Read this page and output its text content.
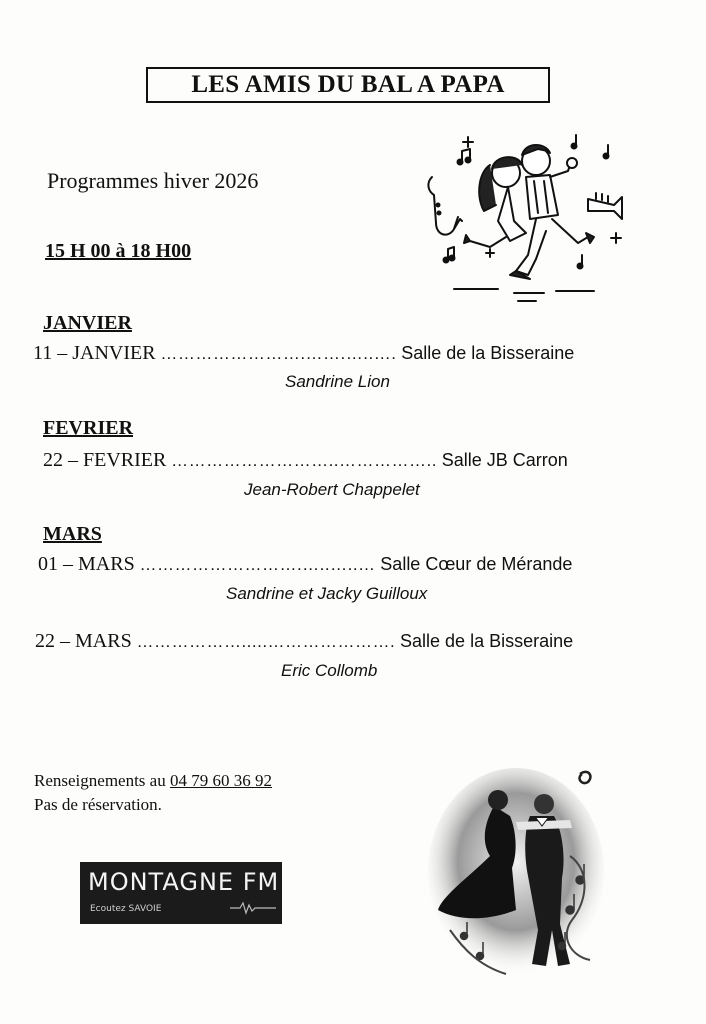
LES AMIS DU BAL A PAPA
Programmes hiver 2026
15 H 00 à 18 H00
JANVIER
11 – JANVIER …………………….…….…..…. Salle de la Bisseraine
Sandrine Lion
FEVRIER
22 – FEVRIER ………………………..…………….. Salle JB Carron
Jean-Robert Chappelet
MARS
01 – MARS ……………………….…..…..… Salle Cœur de Mérande
Sandrine et Jacky Guilloux
22 – MARS ……………….....…………………. Salle de la Bisseraine
Eric Collomb
Renseignements au 04 79 60 36 92
Pas de réservation.
MONTAGNE FM
Ecoutez SAVOIE
